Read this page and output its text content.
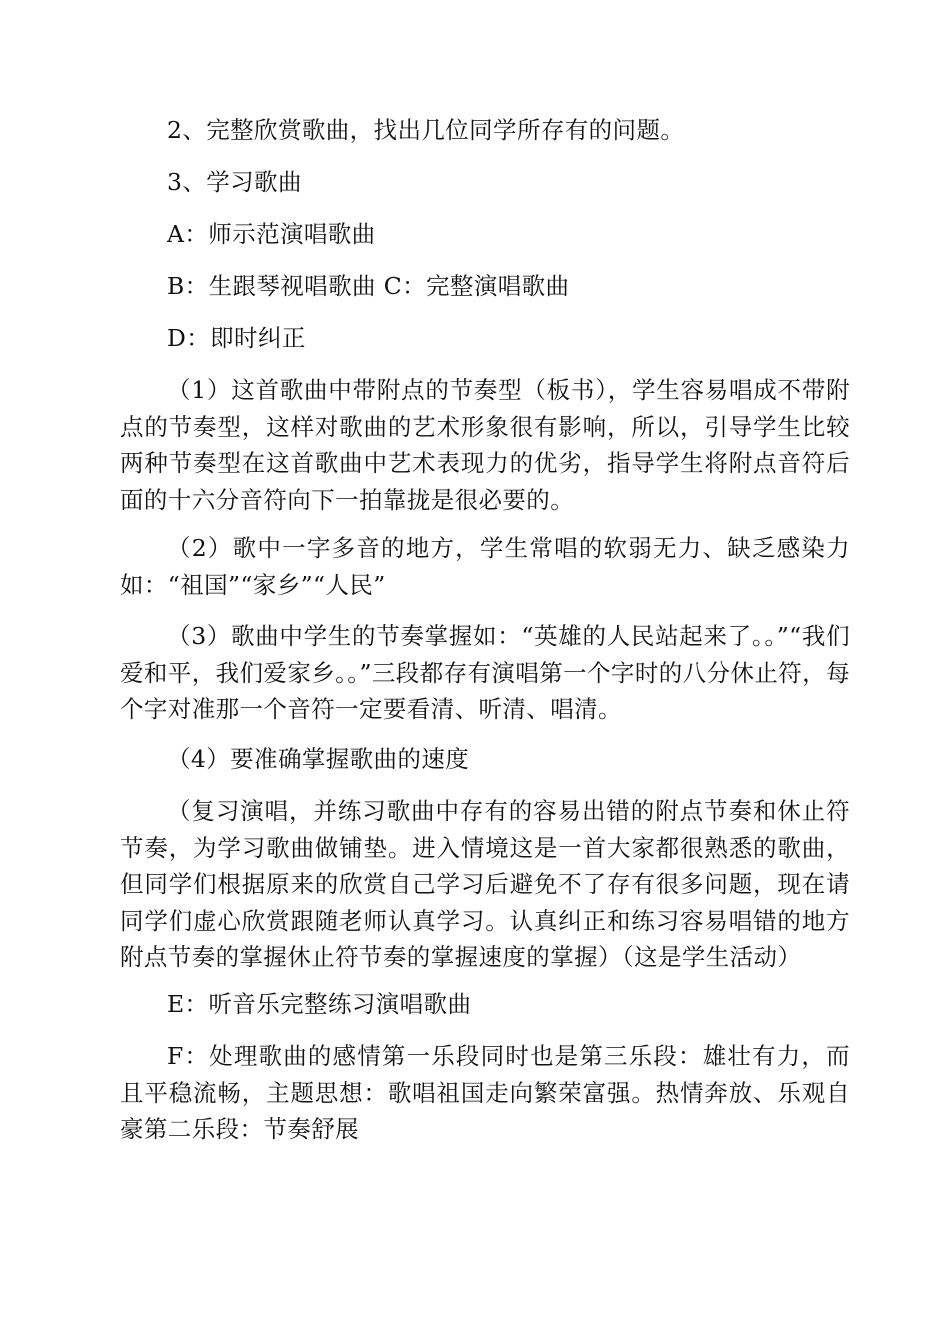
2、完整欣赏歌曲，找出几位同学所存有的问题。

3、学习歌曲

A：师示范演唱歌曲

B：生跟琴视唱歌曲 C：完整演唱歌曲

D：即时纠正

（1）这首歌曲中带附点的节奏型（板书），学生容易唱成不带附点的节奏型，这样对歌曲的艺术形象很有影响，所以，引导学生比较两种节奏型在这首歌曲中艺术表现力的优劣，指导学生将附点音符后面的十六分音符向下一拍靠拢是很必要的。

（2）歌中一字多音的地方，学生常唱的软弱无力、缺乏感染力如：“祖国”“家乡”“人民”

（3）歌曲中学生的节奏掌握如：“英雄的人民站起来了。。”“我们爱和平，我们爱家乡。。”三段都存有演唱第一个字时的八分休止符，每个字对准那一个音符一定要看清、听清、唱清。

（4）要准确掌握歌曲的速度

（复习演唱，并练习歌曲中存有的容易出错的附点节奏和休止符节奏，为学习歌曲做铺垫。进入情境这是一首大家都很熟悉的歌曲，但同学们根据原来的欣赏自己学习后避免不了存有很多问题，现在请同学们虚心欣赏跟随老师认真学习。认真纠正和练习容易唱错的地方附点节奏的掌握休止符节奏的掌握速度的掌握）（这是学生活动）

E：听音乐完整练习演唱歌曲

F：处理歌曲的感情第一乐段同时也是第三乐段：雄壮有力，而且平稳流畅，主题思想：歌唱祖国走向繁荣富强。热情奔放、乐观自豪第二乐段：节奏舒展
